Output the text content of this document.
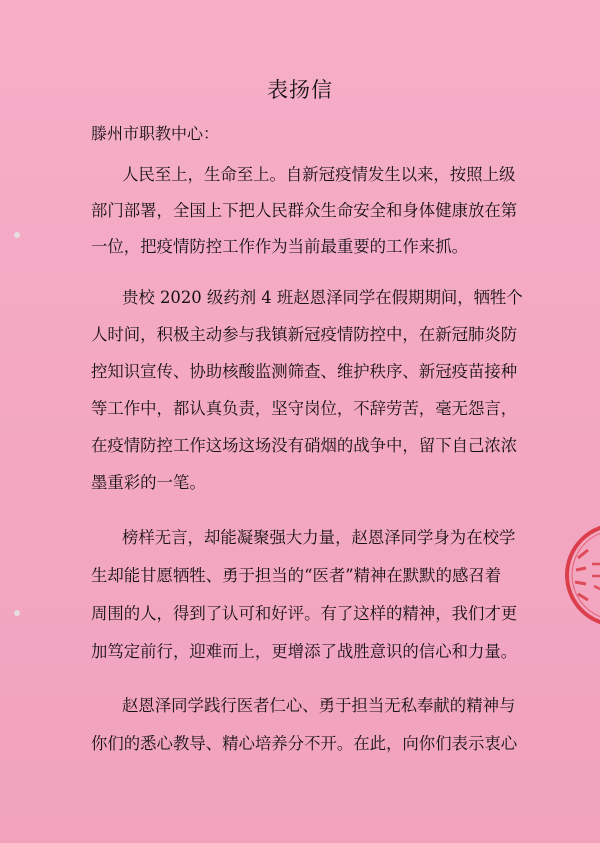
表扬信
滕州市职教中心：
人民至上，生命至上。自新冠疫情发生以来，按照上级
部门部署，全国上下把人民群众生命安全和身体健康放在第
一位，把疫情防控工作作为当前最重要的工作来抓。
贵校 2020 级药剂 4 班赵恩泽同学在假期期间，牺牲个
人时间，积极主动参与我镇新冠疫情防控中，在新冠肺炎防
控知识宣传、协助核酸监测筛查、维护秩序、新冠疫苗接种
等工作中，都认真负责，坚守岗位，不辞劳苦，毫无怨言，
在疫情防控工作这场这场没有硝烟的战争中，留下自己浓浓
墨重彩的一笔。
榜样无言，却能凝聚强大力量，赵恩泽同学身为在校学
生却能甘愿牺牲、勇于担当的“医者”精神在默默的感召着
周围的人，得到了认可和好评。有了这样的精神，我们才更
加笃定前行，迎难而上，更增添了战胜意识的信心和力量。
赵恩泽同学践行医者仁心、勇于担当无私奉献的精神与
你们的悉心教导、精心培养分不开。在此，向你们表示衷心
